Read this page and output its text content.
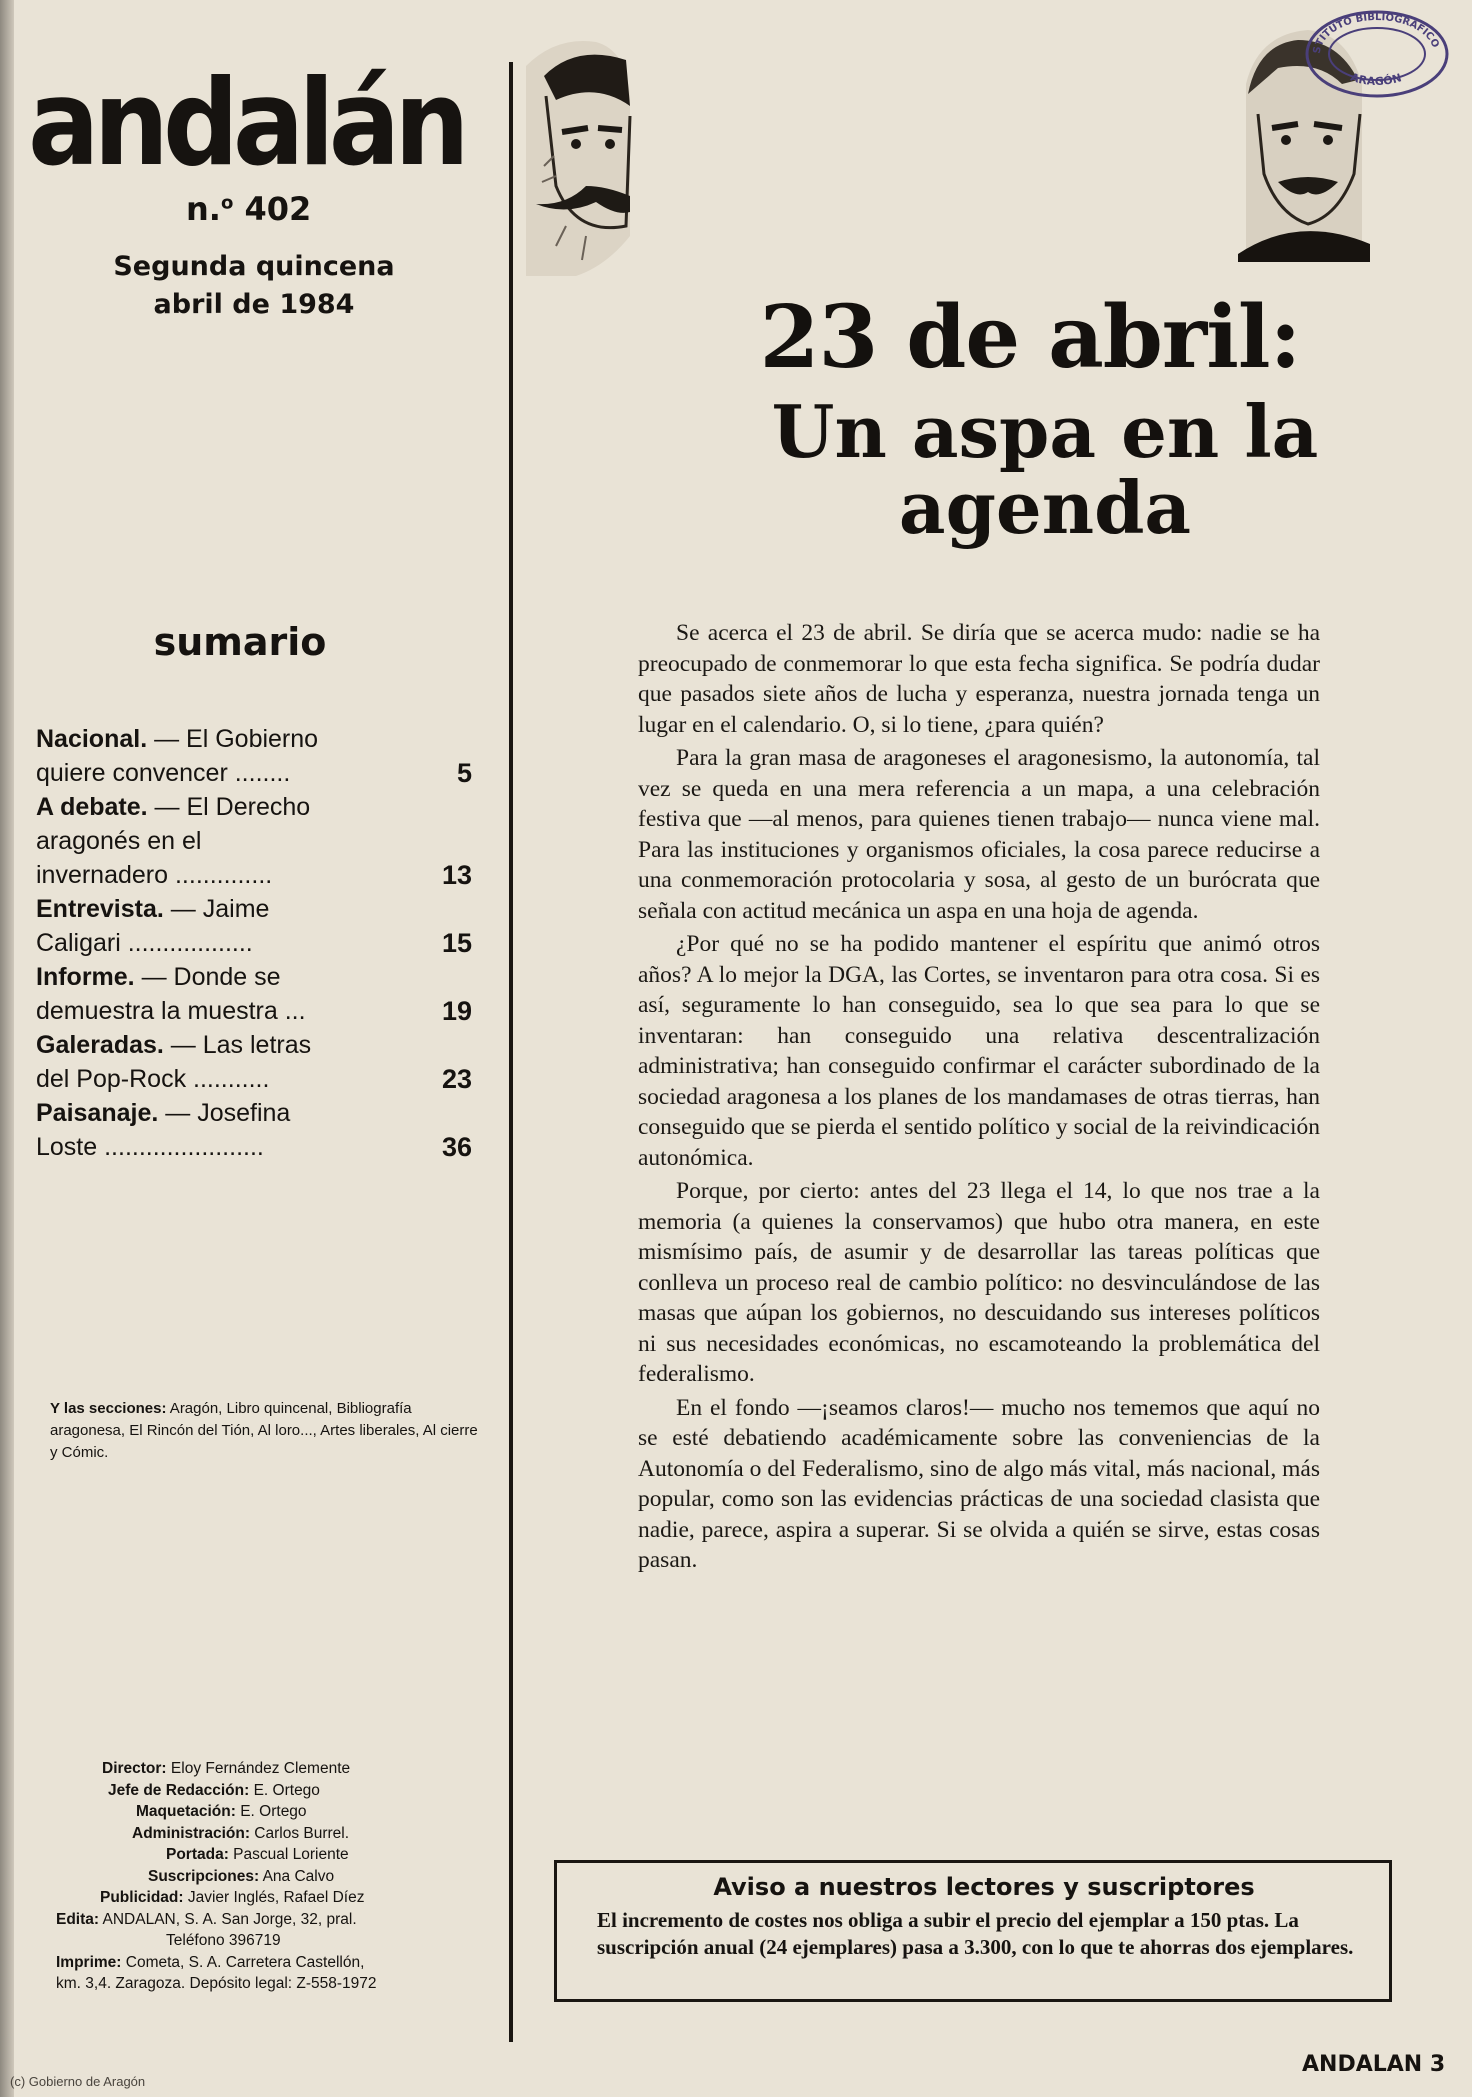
andalán
n.$^o$ 402
Segunda quincena
abril de 1984
sumario
Nacional. — El Gobierno
quiere convencer ........	5
A debate. — El Derecho
aragonés en el
invernadero ..............	13
Entrevista. — Jaime
Caligari ..................	15
Informe. — Donde se
demuestra la muestra ...	19
Galeradas. — Las letras
del Pop-Rock ...........	23
Paisanaje. — Josefina
Loste .......................	36
Y las secciones: Aragón, Libro quincenal, Bibliografía aragonesa, El Rincón del Tión, Al loro..., Artes liberales, Al cierre y Cómic.
Director: Eloy Fernández Clemente
Jefe de Redacción: E. Ortego
Maquetación: E. Ortego
Administración: Carlos Burrel.
Portada: Pascual Loriente
Suscripciones: Ana Calvo
Publicidad: Javier Inglés, Rafael Díez
Edita: ANDALAN, S. A. San Jorge, 32, pral.
Teléfono 396719
Imprime: Cometa, S. A. Carretera Castellón,
km. 3,4. Zaragoza. Depósito legal: Z-558-1972
STITUTO BIBLIOGRÁFICO
ARAGÓN
23 de abril:
Un aspa en la
agenda

Se acerca el 23 de abril. Se diría que se acerca mudo: nadie se ha preocupado de conmemorar lo que esta fecha significa. Se podría dudar que pasados siete años de lucha y esperanza, nuestra jornada tenga un lugar en el calendario. O, si lo tiene, ¿para quién?

Para la gran masa de aragoneses el aragonesismo, la autonomía, tal vez se queda en una mera referencia a un mapa, a una celebración festiva que —al menos, para quienes tienen trabajo— nunca viene mal. Para las instituciones y organismos oficiales, la cosa parece reducirse a una conmemoración protocolaria y sosa, al gesto de un burócrata que señala con actitud mecánica un aspa en una hoja de agenda.

¿Por qué no se ha podido mantener el espíritu que animó otros años? A lo mejor la DGA, las Cortes, se inventaron para otra cosa. Si es así, seguramente lo han conseguido, sea lo que sea para lo que se inventaran: han conseguido una relativa descentralización administrativa; han conseguido confirmar el carácter subordinado de la sociedad aragonesa a los planes de los mandamases de otras tierras, han conseguido que se pierda el sentido político y social de la reivindicación autonómica.

Porque, por cierto: antes del 23 llega el 14, lo que nos trae a la memoria (a quienes la conservamos) que hubo otra manera, en este mismísimo país, de asumir y de desarrollar las tareas políticas que conlleva un proceso real de cambio político: no desvinculándose de las masas que aúpan los gobiernos, no descuidando sus intereses políticos ni sus necesidades económicas, no escamoteando la problemática del federalismo.

En el fondo —¡seamos claros!— mucho nos tememos que aquí no se esté debatiendo académicamente sobre las conveniencias de la Autonomía o del Federalismo, sino de algo más vital, más nacional, más popular, como son las evidencias prácticas de una sociedad clasista que nadie, parece, aspira a superar. Si se olvida a quién se sirve, estas cosas pasan.

Aviso a nuestros lectores y suscriptores
El incremento de costes nos obliga a subir el precio del ejemplar a 150 ptas. La suscripción anual (24 ejemplares) pasa a 3.300, con lo que te ahorras dos ejemplares.
ANDALAN 3
(c) Gobierno de Aragón
